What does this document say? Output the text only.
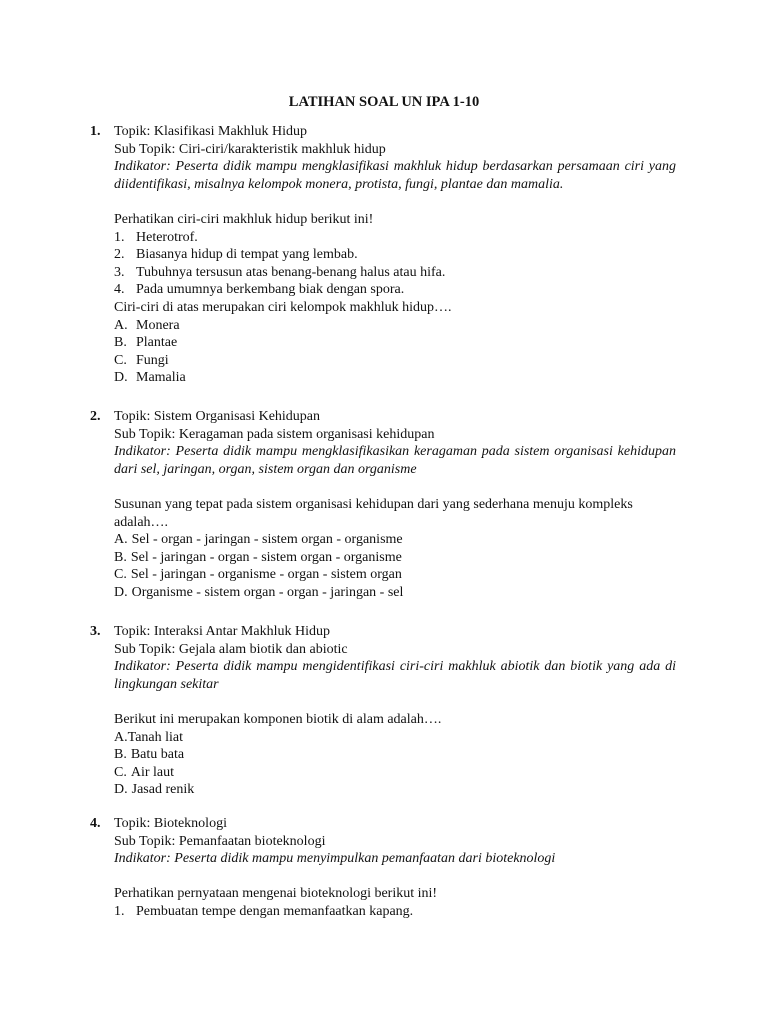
LATIHAN SOAL UN IPA 1-10
1. Topik: Klasifikasi Makhluk Hidup
Sub Topik: Ciri-ciri/karakteristik makhluk hidup
Indikator: Peserta didik mampu mengklasifikasi makhluk hidup berdasarkan persamaan ciri yang diidentifikasi, misalnya kelompok monera, protista, fungi, plantae dan mamalia.
Perhatikan ciri-ciri makhluk hidup berikut ini!
1. Heterotrof.
2. Biasanya hidup di tempat yang lembab.
3. Tubuhnya tersusun atas benang-benang halus atau hifa.
4. Pada umumnya berkembang biak dengan spora.
Ciri-ciri di atas merupakan ciri kelompok makhluk hidup….
A. Monera
B. Plantae
C. Fungi
D. Mamalia
2. Topik: Sistem Organisasi Kehidupan
Sub Topik: Keragaman pada sistem organisasi kehidupan
Indikator: Peserta didik mampu mengklasifikasikan keragaman pada sistem organisasi kehidupan dari sel, jaringan, organ, sistem organ dan organisme
Susunan yang tepat pada sistem organisasi kehidupan dari yang sederhana menuju kompleks adalah….
A. Sel - organ - jaringan - sistem organ - organisme
B. Sel - jaringan - organ - sistem organ - organisme
C. Sel - jaringan - organisme - organ - sistem organ
D. Organisme - sistem organ - organ - jaringan - sel
3. Topik: Interaksi Antar Makhluk Hidup
Sub Topik: Gejala alam biotik dan abiotic
Indikator: Peserta didik mampu mengidentifikasi ciri-ciri makhluk abiotik dan biotik yang ada di lingkungan sekitar
Berikut ini merupakan komponen biotik di alam adalah….
A.Tanah liat
B. Batu bata
C. Air laut
D. Jasad renik
4. Topik: Bioteknologi
Sub Topik: Pemanfaatan bioteknologi
Indikator: Peserta didik mampu menyimpulkan pemanfaatan dari bioteknologi
Perhatikan pernyataan mengenai bioteknologi berikut ini!
1. Pembuatan tempe dengan memanfaatkan kapang.
